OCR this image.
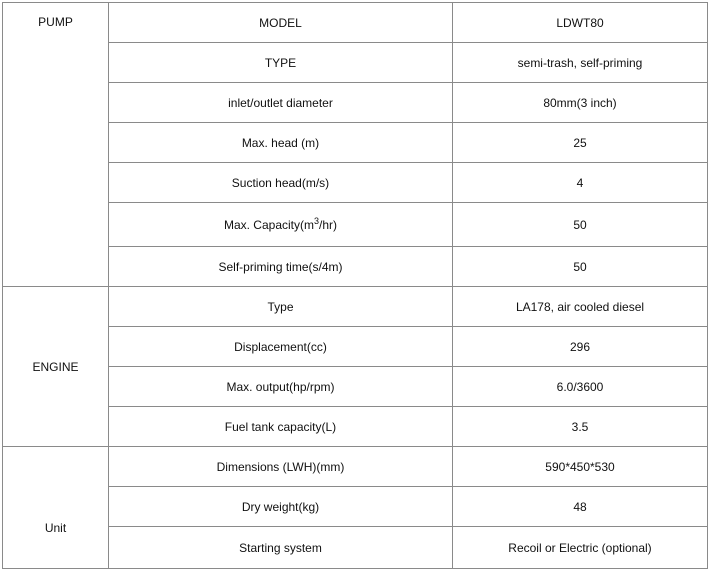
PUMP	MODEL	LDWT80
	TYPE	semi-trash, self-priming
	inlet/outlet diameter	80mm(3 inch)
	Max. head (m)	25
	Suction head(m/s)	4
	Max. $Capacity(m^3/hr)$	50
	Self-priming time(s/4m)	50
ENGINE	Type	LA178, air cooled diesel
	Displacement(cc)	296
	Max. output(hp/rpm)	6.0/3600
	Fuel tank capacity(L)	3.5
Unit	Dimensions (LWH)(mm)	590*450*530
	Dry weight(kg)	48
	Starting system	Recoil or Electric (optional)
